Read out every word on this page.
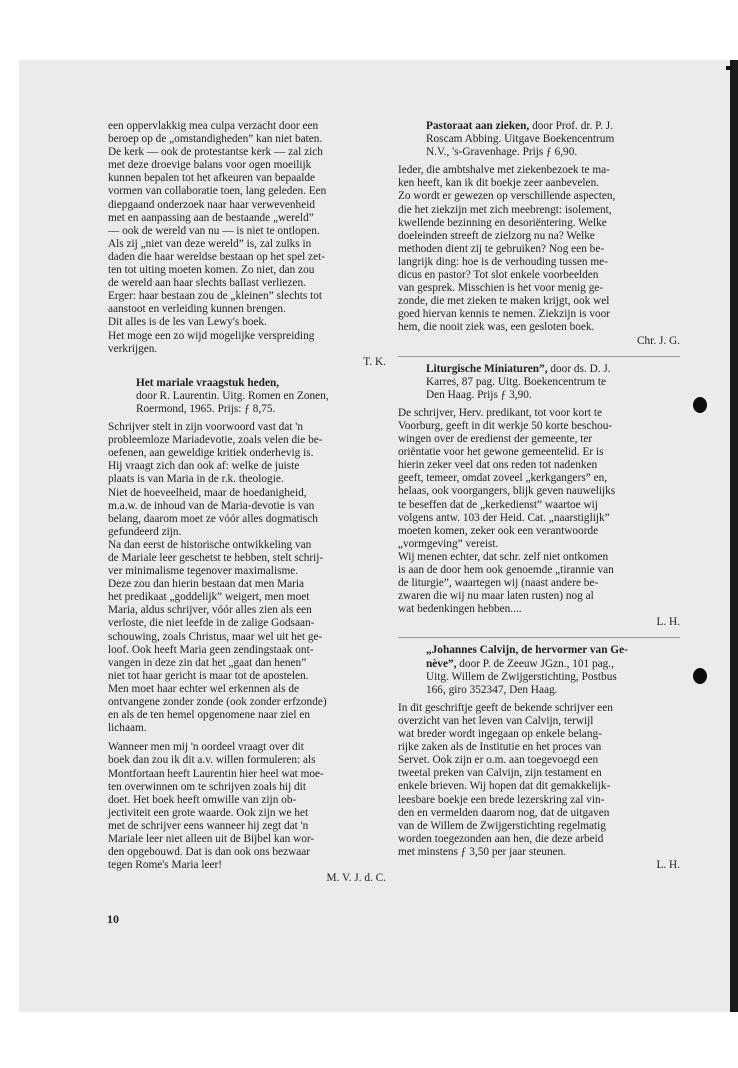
een oppervlakkig mea culpa verzacht door een

beroep op de „omstandigheden” kan niet baten.

De kerk — ook de protestantse kerk — zal zich

met deze droevige balans voor ogen moeilijk

kunnen bepalen tot het afkeuren van bepaalde

vormen van collaboratie toen, lang geleden. Een

diepgaand onderzoek naar haar verwevenheid

met en aanpassing aan de bestaande „wereld”

— ook de wereld van nu — is niet te ontlopen.

Als zij „niet van deze wereld” is, zal zulks in

daden die haar wereldse bestaan op het spel zet-

ten tot uiting moeten komen. Zo niet, dan zou

de wereld aan haar slechts ballast verliezen.

Erger: haar bestaan zou de „kleinen” slechts tot

aanstoot en verleiding kunnen brengen.

Dit alles is de les van Lewy's boek.

Het moge een zo wijd mogelijke verspreiding

verkrijgen.

T. K.

Het mariale vraagstuk heden,

door R. Laurentin. Uitg. Romen en Zonen,

Roermond, 1965. Prijs: ƒ 8,75.

Schrijver stelt in zijn voorwoord vast dat 'n

probleemloze Mariadevotie, zoals velen die be-

oefenen, aan geweldige kritiek onderhevig is.

Hij vraagt zich dan ook af: welke de juiste

plaats is van Maria in de r.k. theologie.

Niet de hoeveelheid, maar de hoedanigheid,

m.a.w. de inhoud van de Maria-devotie is van

belang, daarom moet ze vóór alles dogmatisch

gefundeerd zijn.

Na dan eerst de historische ontwikkeling van

de Mariale leer geschetst te hebben, stelt schrij-

ver minimalisme tegenover maximalisme.

Deze zou dan hierin bestaan dat men Maria

het predikaat „goddelijk” weigert, men moet

Maria, aldus schrijver, vóór alles zien als een

verloste, die niet leefde in de zalige Godsaan-

schouwing, zoals Christus, maar wel uit het ge-

loof. Ook heeft Maria geen zendingstaak ont-

vangen in deze zin dat het „gaat dan henen”

niet tot haar gericht is maar tot de apostelen.

Men moet haar echter wel erkennen als de

ontvangene zonder zonde (ook zonder erfzonde)

en als de ten hemel opgenomene naar ziel en

lichaam.

Wanneer men mij 'n oordeel vraagt over dit

boek dan zou ik dit a.v. willen formuleren: als

Montfortaan heeft Laurentin hier heel wat moe-

ten overwinnen om te schrijven zoals hij dit

doet. Het boek heeft omwille van zijn ob-

jectiviteit een grote waarde. Ook zijn we het

met de schrijver eens wanneer hij zegt dat 'n

Mariale leer niet alleen uit de Bijbel kan wor-

den opgebouwd. Dat is dan ook ons bezwaar

tegen Rome's Maria leer!

M. V. J. d. C.

Pastoraat aan zieken, door Prof. dr. P. J.

Roscam Abbing. Uitgave Boekencentrum

N.V., 's-Gravenhage. Prijs ƒ 6,90.

Ieder, die ambtshalve met ziekenbezoek te ma-

ken heeft, kan ik dit boekje zeer aanbevelen.

Zo wordt er gewezen op verschillende aspecten,

die het ziekzijn met zich meebrengt: isolement,

kwellende bezinning en desoriëntering. Welke

doeleinden streeft de zielzorg nu na? Welke

methoden dient zij te gebruiken? Nog een be-

langrijk ding: hoe is de verhouding tussen me-

dicus en pastor? Tot slot enkele voorbeelden

van gesprek. Misschien is het voor menig ge-

zonde, die met zieken te maken krijgt, ook wel

goed hiervan kennis te nemen. Ziekzijn is voor

hem, die nooit ziek was, een gesloten boek.

Chr. J. G.

Liturgische Miniaturen”, door ds. D. J.

Karres, 87 pag. Uitg. Boekencentrum te

Den Haag. Prijs ƒ 3,90.

De schrijver, Herv. predikant, tot voor kort te

Voorburg, geeft in dit werkje 50 korte beschou-

wingen over de eredienst der gemeente, ter

oriëntatie voor het gewone gemeentelid. Er is

hierin zeker veel dat ons reden tot nadenken

geeft, temeer, omdat zoveel „kerkgangers” en,

helaas, ook voorgangers, blijk geven nauwelijks

te beseffen dat de „kerkedienst” waartoe wij

volgens antw. 103 der Heid. Cat. „naarstiglijk”

moeten komen, zeker ook een verantwoorde

„vormgeving” vereist.

Wij menen echter, dat schr. zelf niet ontkomen

is aan de door hem ook genoemde „tirannie van

de liturgie”, waartegen wij (naast andere be-

zwaren die wij nu maar laten rusten) nog al

wat bedenkingen hebben....

L. H.

„Johannes Calvijn, de hervormer van Ge-

nève”, door P. de Zeeuw JGzn., 101 pag.,

Uitg. Willem de Zwijgerstichting, Postbus

166, giro 352347, Den Haag.

In dit geschriftje geeft de bekende schrijver een

overzicht van het leven van Calvijn, terwijl

wat breder wordt ingegaan op enkele belang-

rijke zaken als de Institutie en het proces van

Servet. Ook zijn er o.m. aan toegevoegd een

tweetal preken van Calvijn, zijn testament en

enkele brieven. Wij hopen dat dit gemakkelijk-

leesbare boekje een brede lezerskring zal vin-

den en vermelden daarom nog, dat de uitgaven

van de Willem de Zwijgerstichting regelmatig

worden toegezonden aan hen, die deze arbeid

met minstens ƒ 3,50 per jaar steunen.

L. H.

10
